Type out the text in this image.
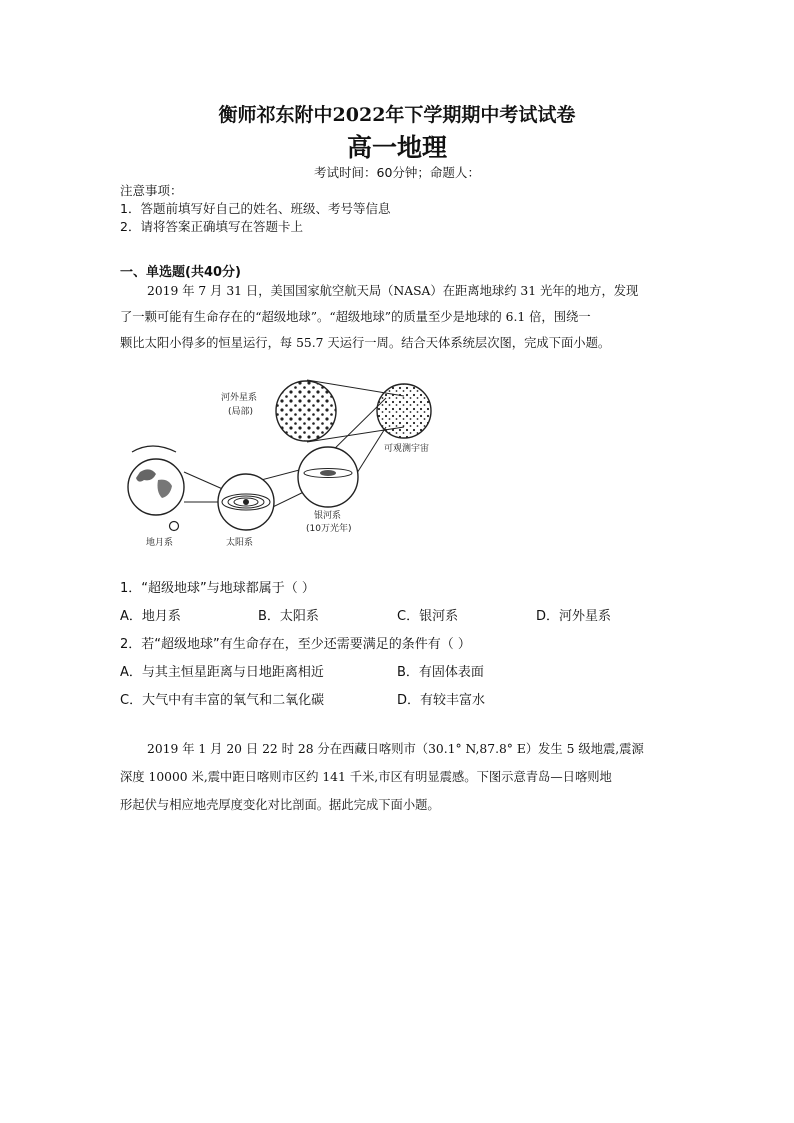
衡师祁东附中2022年下学期期中考试试卷
高一地理
考试时间：60分钟；命题人：
注意事项：
1．答题前填写好自己的姓名、班级、考号等信息
2．请将答案正确填写在答题卡上
一、单选题(共40分)
2019 年 7 月 31 日，美国国家航空航天局（NASA）在距离地球约 31 光年的地方，发现
了一颗可能有生命存在的“超级地球”。“超级地球”的质量至少是地球的 6.1 倍，围绕一
颗比太阳小得多的恒星运行，每 55.7 天运行一周。结合天体系统层次图，完成下面小题。
河外星系
(局部)
可观测宇宙
银河系
(10万光年)
地月系	太阳系
1．“超级地球”与地球都属于（ ）
A．地月系	B．太阳系	C．银河系	D．河外星系
2．若“超级地球”有生命存在，至少还需要满足的条件有（ ）
A．与其主恒星距离与日地距离相近	B．有固体表面
C．大气中有丰富的氧气和二氧化碳	D．有较丰富水
2019 年 1 月 20 日 22 时 28 分在西藏日喀则市（30.1° N,87.8° E）发生 5 级地震,震源
深度 10000 米,震中距日喀则市区约 141 千米,市区有明显震感。下图示意青岛—日喀则地
形起伏与相应地壳厚度变化对比剖面。据此完成下面小题。
